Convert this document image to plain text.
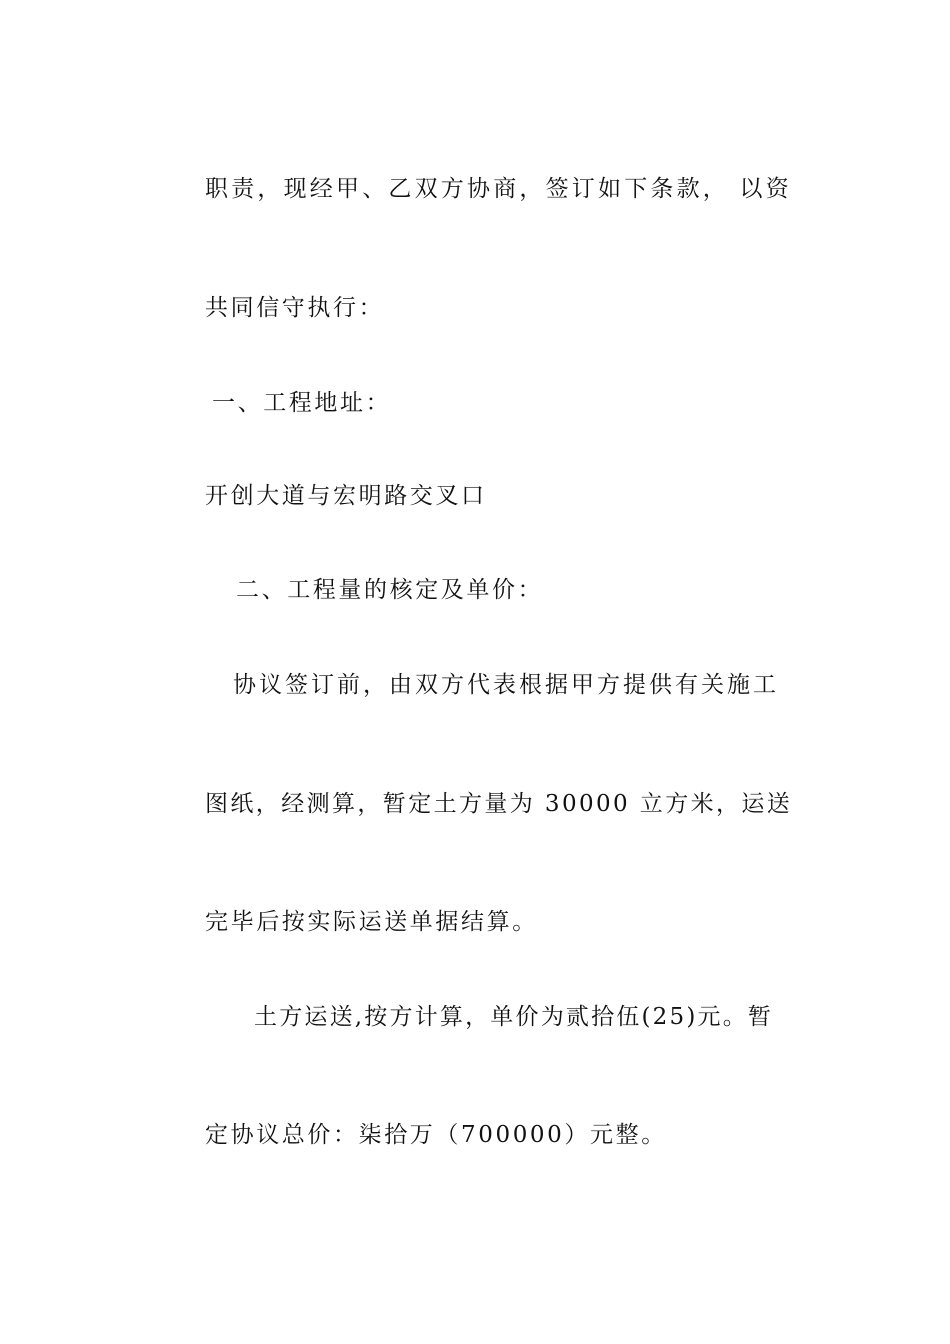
职责，现经甲、乙双方协商，签订如下条款， 以资
共同信守执行：
一、工程地址：
开创大道与宏明路交叉口
二、工程量的核定及单价：
协议签订前，由双方代表根据甲方提供有关施工
图纸，经测算，暂定土方量为 30000 立方米，运送
完毕后按实际运送单据结算。
土方运送,按方计算，单价为贰拾伍(25)元。暂
定协议总价：柒拾万（700000）元整。
